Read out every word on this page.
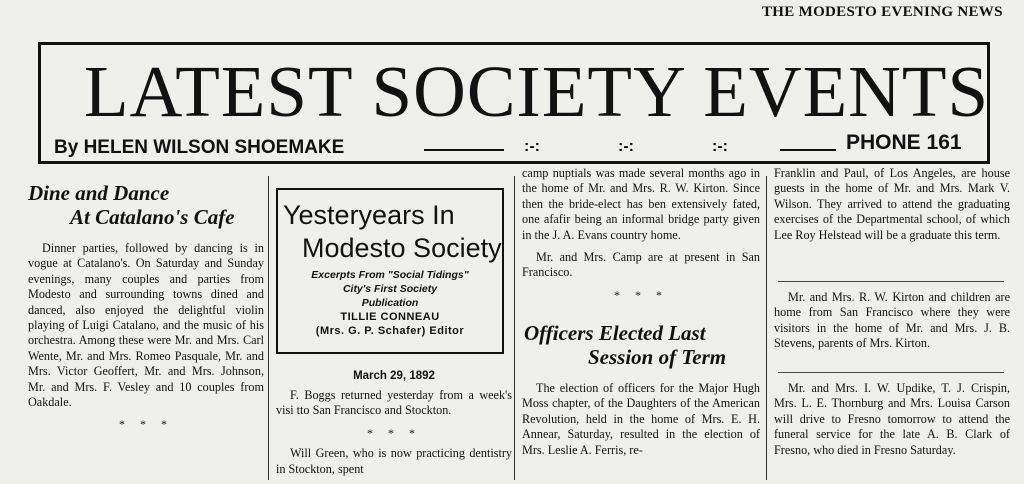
THE MODESTO EVENING NEWS
LATEST SOCIETY EVENTS
By HELEN WILSON SHOEMAKE	:-:	:-:	:-:	PHONE 161
Dine and Dance
At Catalano's Cafe

Dinner parties, followed by dancing is in vogue at Catalano's. On Saturday and Sunday evenings, many couples and parties from Modesto and surrounding towns dined and danced, also enjoyed the delightful violin playing of Luigi Catalano, and the music of his orchestra. Among these were Mr. and Mrs. Carl Wente, Mr. and Mrs. Romeo Pasquale, Mr. and Mrs. Victor Geoffert, Mr. and Mrs. Johnson, Mr. and Mrs. F. Vesley and 10 couples from Oakdale.

* * *
Yesteryears In
Modesto Society
Excerpts From "Social Tidings"
City's First Society
Publication
TILLIE CONNEAU
(Mrs. G. P. Schafer) Editor
March 29, 1892

F. Boggs returned yesterday from a week's visi tto San Francisco and Stockton.

* * *

Will Green, who is now practicing dentistry in Stockton, spent

camp nuptials was made several months ago in the home of Mr. and Mrs. R. W. Kirton. Since then the bride-elect has ben extensively fated, one afafir being an informal bridge party given in the J. A. Evans country home.

Mr. and Mrs. Camp are at present in San Francisco.

* * *
Officers Elected Last
Session of Term

The election of officers for the Major Hugh Moss chapter, of the Daughters of the American Revolution, held in the home of Mrs. E. H. Annear, Saturday, resulted in the election of Mrs. Leslie A. Ferris, re-

Franklin and Paul, of Los Angeles, are house guests in the home of Mr. and Mrs. Mark V. Wilson. They arrived to attend the graduating exercises of the Departmental school, of which Lee Roy Helstead will be a graduate this term.

Mr. and Mrs. R. W. Kirton and children are home from San Francisco where they were visitors in the home of Mr. and Mrs. J. B. Stevens, parents of Mrs. Kirton.

Mr. and Mrs. I. W. Updike, T. J. Crispin, Mrs. L. E. Thornburg and Mrs. Louisa Carson will drive to Fresno tomorrow to attend the funeral service for the late A. B. Clark of Fresno, who died in Fresno Saturday.
